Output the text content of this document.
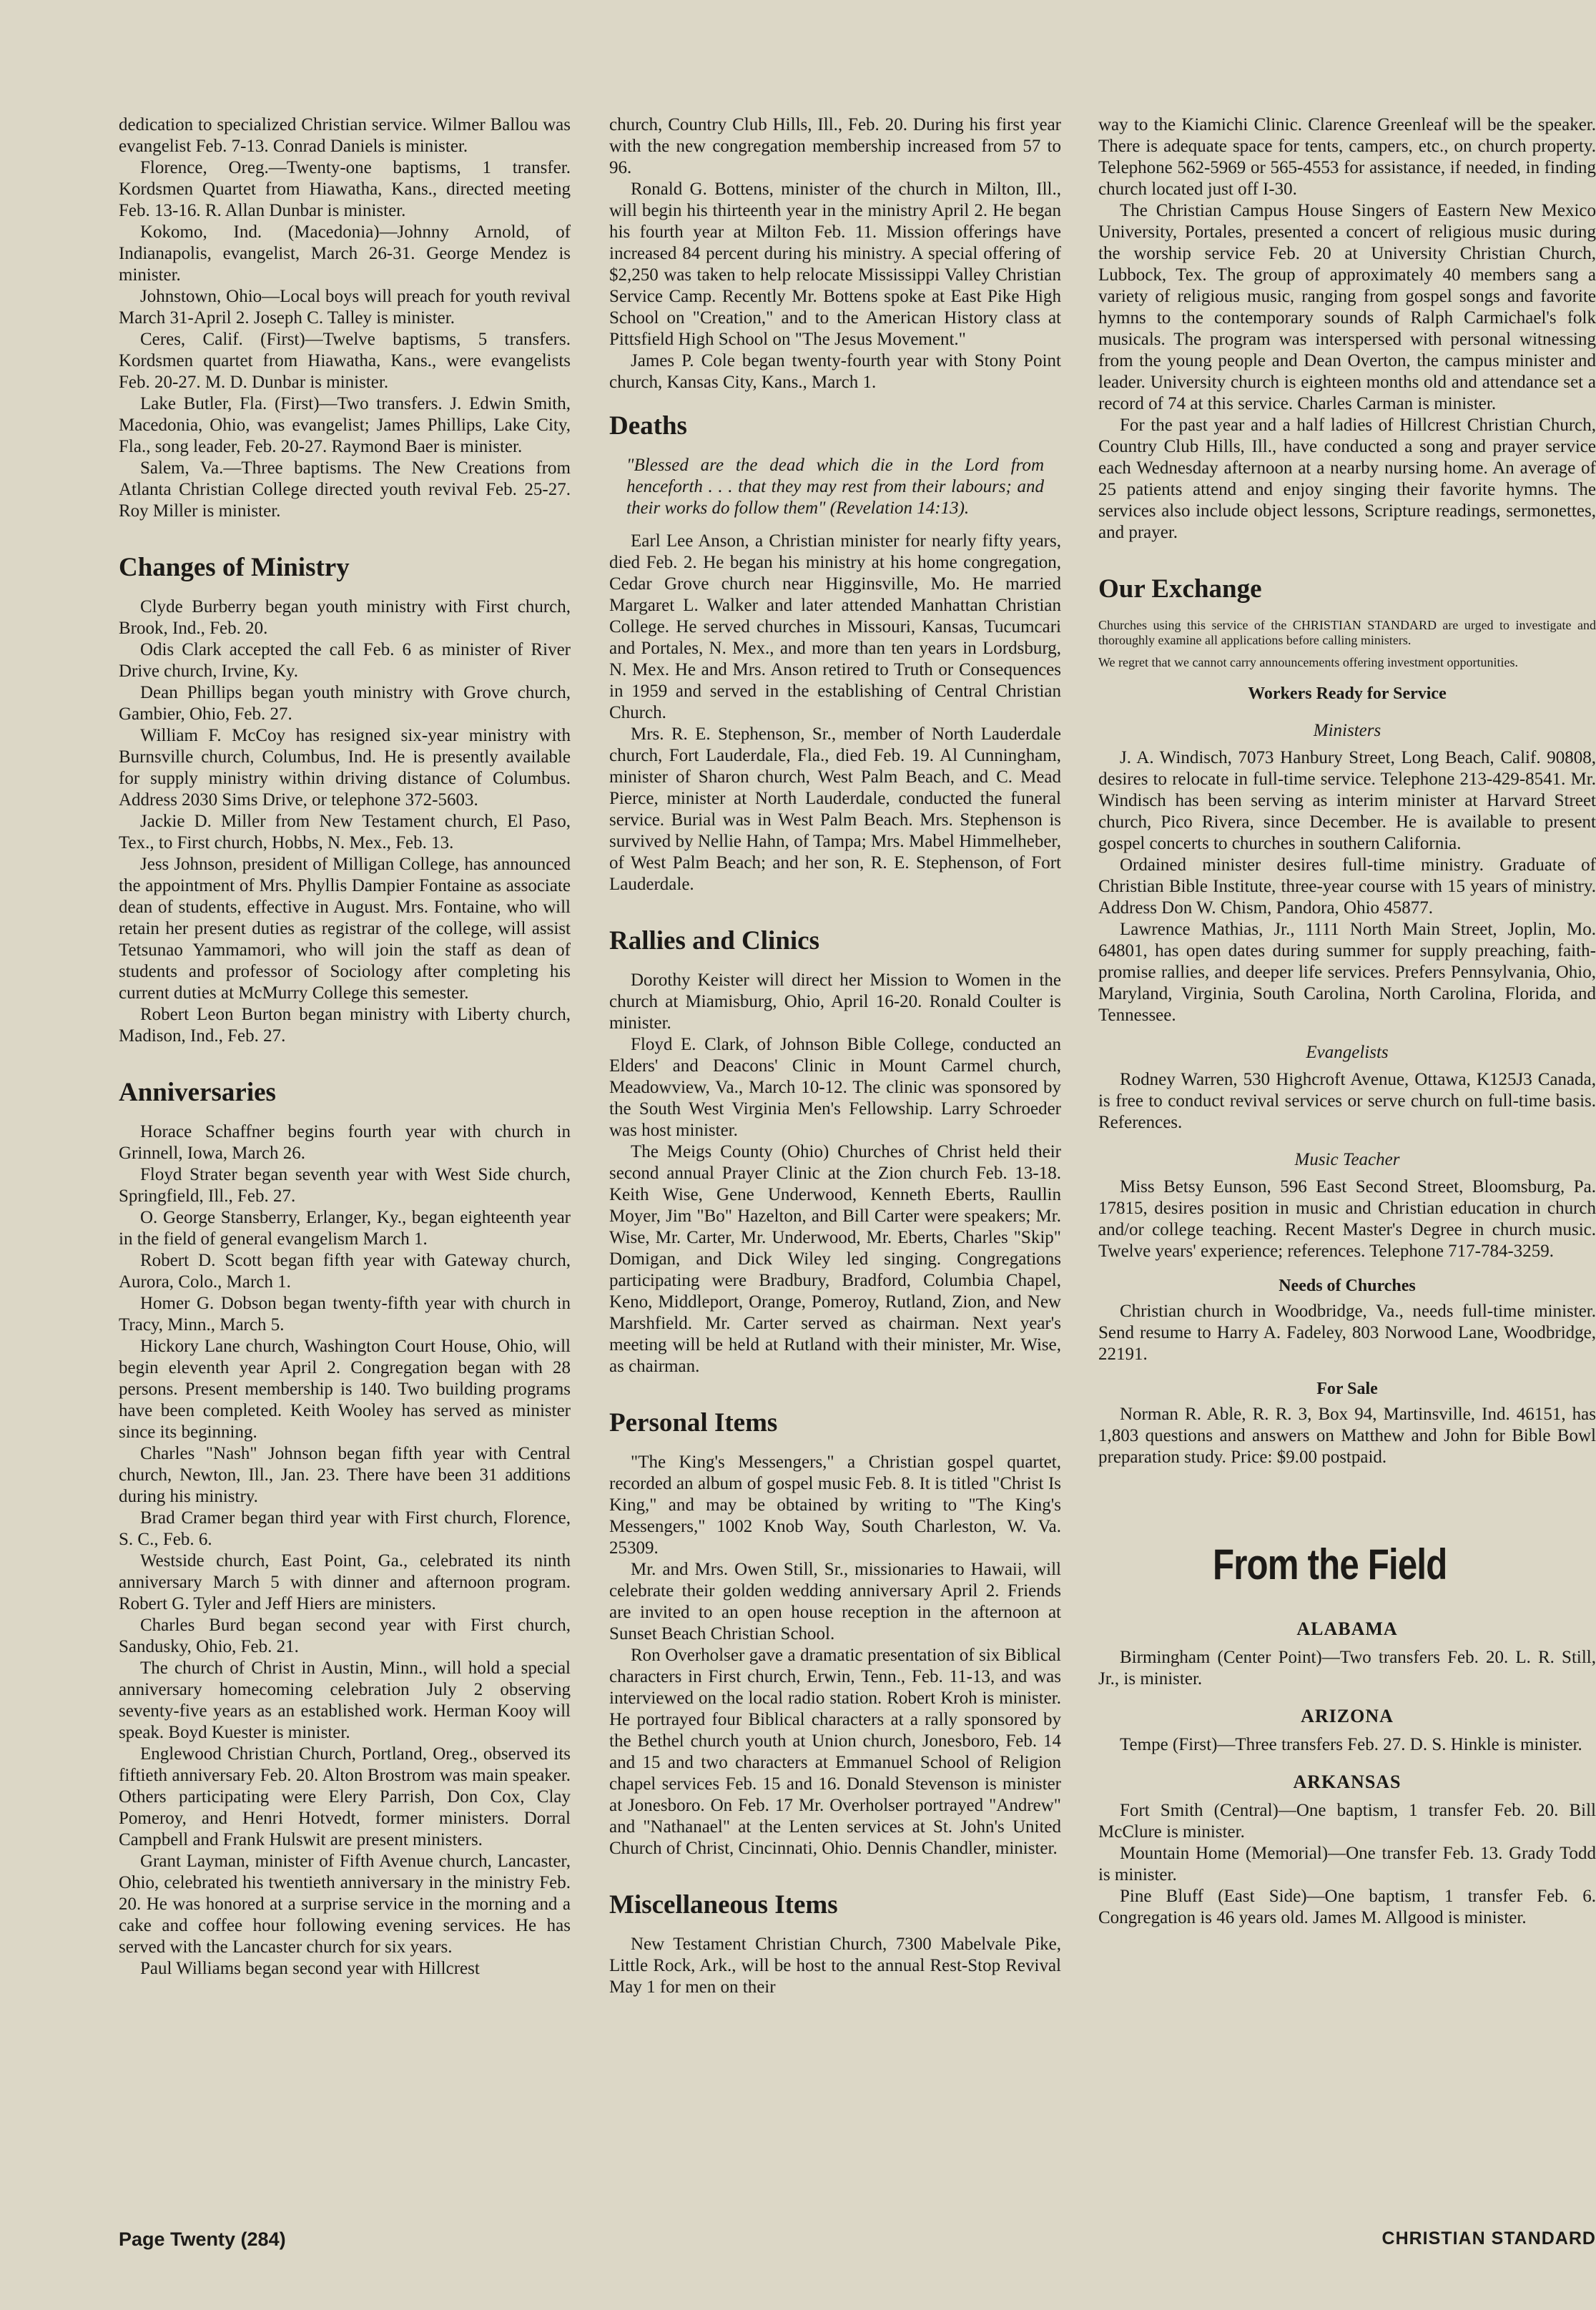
dedication to specialized Christian service. Wilmer Ballou was evangelist Feb. 7-13. Conrad Daniels is minister.

Florence, Oreg.—Twenty-one baptisms, 1 transfer. Kordsmen Quartet from Hiawatha, Kans., directed meeting Feb. 13-16. R. Allan Dunbar is minister.

Kokomo, Ind. (Macedonia)—Johnny Arnold, of Indianapolis, evangelist, March 26-31. George Mendez is minister.

Johnstown, Ohio—Local boys will preach for youth revival March 31-April 2. Joseph C. Talley is minister.

Ceres, Calif. (First)—Twelve baptisms, 5 transfers. Kordsmen quartet from Hiawatha, Kans., were evangelists Feb. 20-27. M. D. Dunbar is minister.

Lake Butler, Fla. (First)—Two transfers. J. Edwin Smith, Macedonia, Ohio, was evangelist; James Phillips, Lake City, Fla., song leader, Feb. 20-27. Raymond Baer is minister.

Salem, Va.—Three baptisms. The New Creations from Atlanta Christian College directed youth revival Feb. 25-27. Roy Miller is minister.

Changes of Ministry

Clyde Burberry began youth ministry with First church, Brook, Ind., Feb. 20.

Odis Clark accepted the call Feb. 6 as minister of River Drive church, Irvine, Ky.

Dean Phillips began youth ministry with Grove church, Gambier, Ohio, Feb. 27.

William F. McCoy has resigned six-year ministry with Burnsville church, Columbus, Ind. He is presently available for supply ministry within driving distance of Columbus. Address 2030 Sims Drive, or telephone 372-5603.

Jackie D. Miller from New Testament church, El Paso, Tex., to First church, Hobbs, N. Mex., Feb. 13.

Jess Johnson, president of Milligan College, has announced the appointment of Mrs. Phyllis Dampier Fontaine as associate dean of students, effective in August. Mrs. Fontaine, who will retain her present duties as registrar of the college, will assist Tetsunao Yammamori, who will join the staff as dean of students and professor of Sociology after completing his current duties at McMurry College this semester.

Robert Leon Burton began ministry with Liberty church, Madison, Ind., Feb. 27.

Anniversaries

Horace Schaffner begins fourth year with church in Grinnell, Iowa, March 26.

Floyd Strater began seventh year with West Side church, Springfield, Ill., Feb. 27.

O. George Stansberry, Erlanger, Ky., began eighteenth year in the field of general evangelism March 1.

Robert D. Scott began fifth year with Gateway church, Aurora, Colo., March 1.

Homer G. Dobson began twenty-fifth year with church in Tracy, Minn., March 5.

Hickory Lane church, Washington Court House, Ohio, will begin eleventh year April 2. Congregation began with 28 persons. Present membership is 140. Two building programs have been completed. Keith Wooley has served as minister since its beginning.

Charles "Nash" Johnson began fifth year with Central church, Newton, Ill., Jan. 23. There have been 31 additions during his ministry.

Brad Cramer began third year with First church, Florence, S. C., Feb. 6.

Westside church, East Point, Ga., celebrated its ninth anniversary March 5 with dinner and afternoon program. Robert G. Tyler and Jeff Hiers are ministers.

Charles Burd began second year with First church, Sandusky, Ohio, Feb. 21.

The church of Christ in Austin, Minn., will hold a special anniversary homecoming celebration July 2 observing seventy-five years as an established work. Herman Kooy will speak. Boyd Kuester is minister.

Englewood Christian Church, Portland, Oreg., observed its fiftieth anniversary Feb. 20. Alton Brostrom was main speaker. Others participating were Elery Parrish, Don Cox, Clay Pomeroy, and Henri Hotvedt, former ministers. Dorral Campbell and Frank Hulswit are present ministers.

Grant Layman, minister of Fifth Avenue church, Lancaster, Ohio, celebrated his twentieth anniversary in the ministry Feb. 20. He was honored at a surprise service in the morning and a cake and coffee hour following evening services. He has served with the Lancaster church for six years.

Paul Williams began second year with Hillcrest

church, Country Club Hills, Ill., Feb. 20. During his first year with the new congregation membership increased from 57 to 96.

Ronald G. Bottens, minister of the church in Milton, Ill., will begin his thirteenth year in the ministry April 2. He began his fourth year at Milton Feb. 11. Mission offerings have increased 84 percent during his ministry. A special offering of $2,250 was taken to help relocate Mississippi Valley Christian Service Camp. Recently Mr. Bottens spoke at East Pike High School on "Creation," and to the American History class at Pittsfield High School on "The Jesus Movement."

James P. Cole began twenty-fourth year with Stony Point church, Kansas City, Kans., March 1.

Deaths

"Blessed are the dead which die in the Lord from henceforth . . . that they may rest from their labours; and their works do follow them" (Revelation 14:13).

Earl Lee Anson, a Christian minister for nearly fifty years, died Feb. 2. He began his ministry at his home congregation, Cedar Grove church near Higginsville, Mo. He married Margaret L. Walker and later attended Manhattan Christian College. He served churches in Missouri, Kansas, Tucumcari and Portales, N. Mex., and more than ten years in Lordsburg, N. Mex. He and Mrs. Anson retired to Truth or Consequences in 1959 and served in the establishing of Central Christian Church.

Mrs. R. E. Stephenson, Sr., member of North Lauderdale church, Fort Lauderdale, Fla., died Feb. 19. Al Cunningham, minister of Sharon church, West Palm Beach, and C. Mead Pierce, minister at North Lauderdale, conducted the funeral service. Burial was in West Palm Beach. Mrs. Stephenson is survived by Nellie Hahn, of Tampa; Mrs. Mabel Himmelheber, of West Palm Beach; and her son, R. E. Stephenson, of Fort Lauderdale.

Rallies and Clinics

Dorothy Keister will direct her Mission to Women in the church at Miamisburg, Ohio, April 16-20. Ronald Coulter is minister.

Floyd E. Clark, of Johnson Bible College, conducted an Elders' and Deacons' Clinic in Mount Carmel church, Meadowview, Va., March 10-12. The clinic was sponsored by the South West Virginia Men's Fellowship. Larry Schroeder was host minister.

The Meigs County (Ohio) Churches of Christ held their second annual Prayer Clinic at the Zion church Feb. 13-18. Keith Wise, Gene Underwood, Kenneth Eberts, Raullin Moyer, Jim "Bo" Hazelton, and Bill Carter were speakers; Mr. Wise, Mr. Carter, Mr. Underwood, Mr. Eberts, Charles "Skip" Domigan, and Dick Wiley led singing. Congregations participating were Bradbury, Bradford, Columbia Chapel, Keno, Middleport, Orange, Pomeroy, Rutland, Zion, and New Marshfield. Mr. Carter served as chairman. Next year's meeting will be held at Rutland with their minister, Mr. Wise, as chairman.

Personal Items

"The King's Messengers," a Christian gospel quartet, recorded an album of gospel music Feb. 8. It is titled "Christ Is King," and may be obtained by writing to "The King's Messengers," 1002 Knob Way, South Charleston, W. Va. 25309.

Mr. and Mrs. Owen Still, Sr., missionaries to Hawaii, will celebrate their golden wedding anniversary April 2. Friends are invited to an open house reception in the afternoon at Sunset Beach Christian School.

Ron Overholser gave a dramatic presentation of six Biblical characters in First church, Erwin, Tenn., Feb. 11-13, and was interviewed on the local radio station. Robert Kroh is minister. He portrayed four Biblical characters at a rally sponsored by the Bethel church youth at Union church, Jonesboro, Feb. 14 and 15 and two characters at Emmanuel School of Religion chapel services Feb. 15 and 16. Donald Stevenson is minister at Jonesboro. On Feb. 17 Mr. Overholser portrayed "Andrew" and "Nathanael" at the Lenten services at St. John's United Church of Christ, Cincinnati, Ohio. Dennis Chandler, minister.

Miscellaneous Items

New Testament Christian Church, 7300 Mabelvale Pike, Little Rock, Ark., will be host to the annual Rest-Stop Revival May 1 for men on their

way to the Kiamichi Clinic. Clarence Greenleaf will be the speaker. There is adequate space for tents, campers, etc., on church property. Telephone 562-5969 or 565-4553 for assistance, if needed, in finding church located just off I-30.

The Christian Campus House Singers of Eastern New Mexico University, Portales, presented a concert of religious music during the worship service Feb. 20 at University Christian Church, Lubbock, Tex. The group of approximately 40 members sang a variety of religious music, ranging from gospel songs and favorite hymns to the contemporary sounds of Ralph Carmichael's folk musicals. The program was interspersed with personal witnessing from the young people and Dean Overton, the campus minister and leader. University church is eighteen months old and attendance set a record of 74 at this service. Charles Carman is minister.

For the past year and a half ladies of Hillcrest Christian Church, Country Club Hills, Ill., have conducted a song and prayer service each Wednesday afternoon at a nearby nursing home. An average of 25 patients attend and enjoy singing their favorite hymns. The services also include object lessons, Scripture readings, sermonettes, and prayer.

Our Exchange

Churches using this service of the CHRISTIAN STANDARD are urged to investigate and thoroughly examine all applications before calling ministers.

We regret that we cannot carry announcements offering investment opportunities.

Workers Ready for Service

Ministers

J. A. Windisch, 7073 Hanbury Street, Long Beach, Calif. 90808, desires to relocate in full-time service. Telephone 213-429-8541. Mr. Windisch has been serving as interim minister at Harvard Street church, Pico Rivera, since December. He is available to present gospel concerts to churches in southern California.

Ordained minister desires full-time ministry. Graduate of Christian Bible Institute, three-year course with 15 years of ministry. Address Don W. Chism, Pandora, Ohio 45877.

Lawrence Mathias, Jr., 1111 North Main Street, Joplin, Mo. 64801, has open dates during summer for supply preaching, faith-promise rallies, and deeper life services. Prefers Pennsylvania, Ohio, Maryland, Virginia, South Carolina, North Carolina, Florida, and Tennessee.

Evangelists

Rodney Warren, 530 Highcroft Avenue, Ottawa, K125J3 Canada, is free to conduct revival services or serve church on full-time basis. References.

Music Teacher

Miss Betsy Eunson, 596 East Second Street, Bloomsburg, Pa. 17815, desires position in music and Christian education in church and/or college teaching. Recent Master's Degree in church music. Twelve years' experience; references. Telephone 717-784-3259.

Needs of Churches

Christian church in Woodbridge, Va., needs full-time minister. Send resume to Harry A. Fadeley, 803 Norwood Lane, Woodbridge, 22191.

For Sale

Norman R. Able, R. R. 3, Box 94, Martinsville, Ind. 46151, has 1,803 questions and answers on Matthew and John for Bible Bowl preparation study. Price: $9.00 postpaid.

From the Field

ALABAMA

Birmingham (Center Point)—Two transfers Feb. 20. L. R. Still, Jr., is minister.

ARIZONA

Tempe (First)—Three transfers Feb. 27. D. S. Hinkle is minister.

ARKANSAS

Fort Smith (Central)—One baptism, 1 transfer Feb. 20. Bill McClure is minister.

Mountain Home (Memorial)—One transfer Feb. 13. Grady Todd is minister.

Pine Bluff (East Side)—One baptism, 1 transfer Feb. 6. Congregation is 46 years old. James M. Allgood is minister.

Page Twenty (284)	CHRISTIAN STANDARD
